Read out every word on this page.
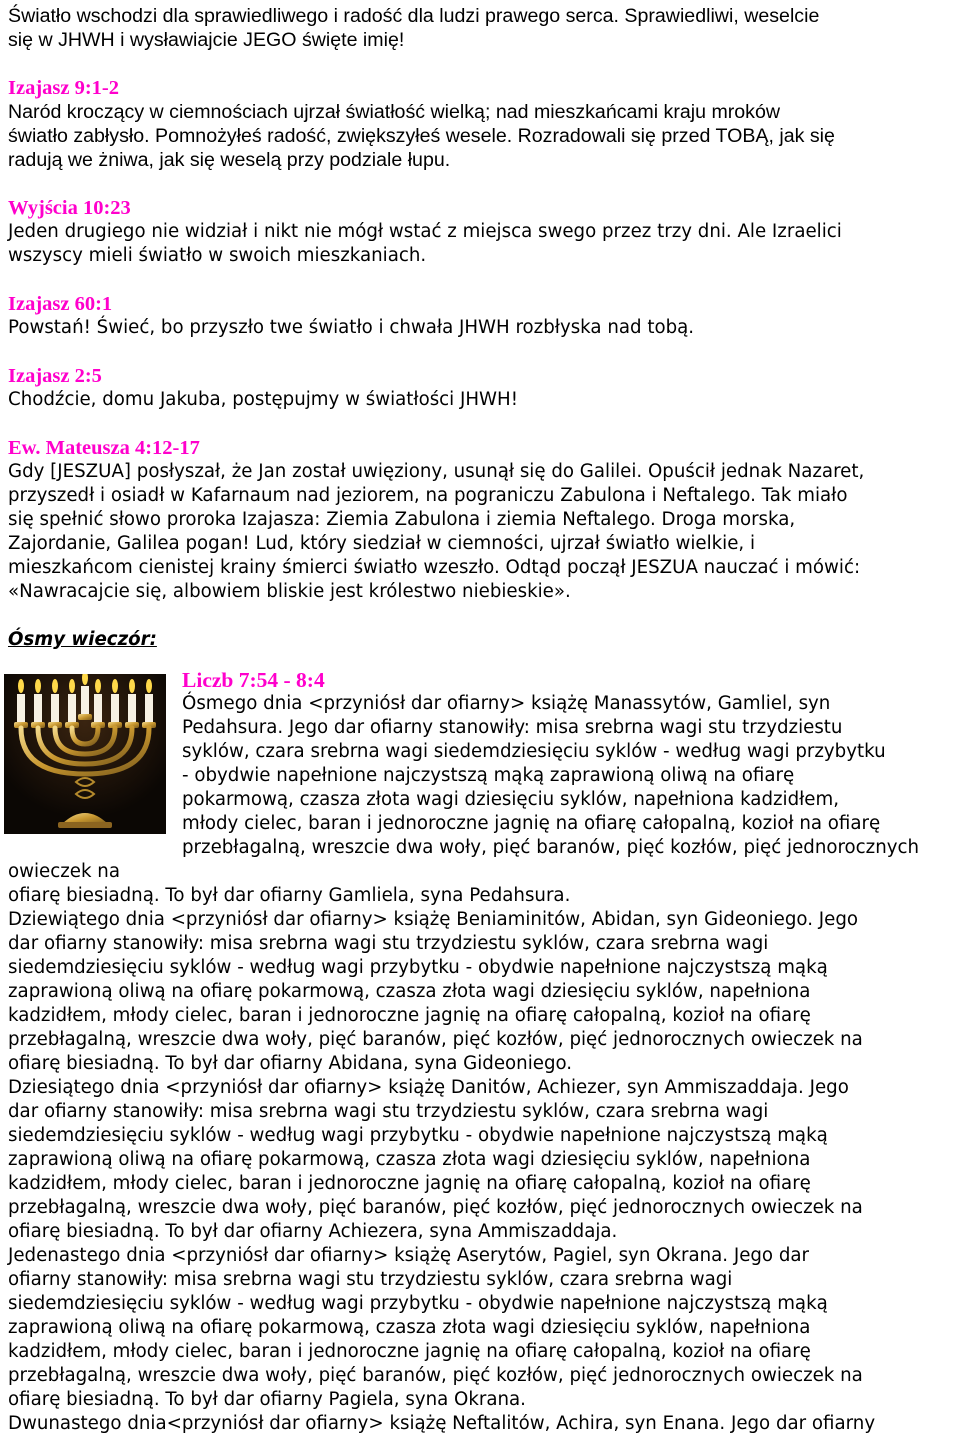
Światło wschodzi dla sprawiedliwego i radość dla ludzi prawego serca. Sprawiedliwi, weselcie

się w JHWH i wysławiajcie JEGO święte imię!

Izajasz 9:1-2

Naród kroczący w ciemnościach ujrzał światłość wielką; nad mieszkańcami kraju mroków

światło zabłysło. Pomnożyłeś radość, zwiększyłeś wesele. Rozradowali się przed TOBĄ, jak się

radują we żniwa, jak się weselą przy podziale łupu.

Wyjścia 10:23

Jeden drugiego nie widział i nikt nie mógł wstać z miejsca swego przez trzy dni. Ale Izraelici

wszyscy mieli światło w swoich mieszkaniach.

Izajasz 60:1

Powstań! Świeć, bo przyszło twe światło i chwała JHWH rozbłyska nad tobą.

Izajasz 2:5

Chodźcie, domu Jakuba, postępujmy w światłości JHWH!

Ew. Mateusza 4:12-17

Gdy [JESZUA] posłyszał, że Jan został uwięziony, usunął się do Galilei. Opuścił jednak Nazaret,

przyszedł i osiadł w Kafarnaum nad jeziorem, na pograniczu Zabulona i Neftalego. Tak miało

się spełnić słowo proroka Izajasza: Ziemia Zabulona i ziemia Neftalego. Droga morska,

Zajordanie, Galilea pogan! Lud, który siedział w ciemności, ujrzał światło wielkie, i

mieszkańcom cienistej krainy śmierci światło wzeszło. Odtąd począł JESZUA nauczać i mówić:

«Nawracajcie się, albowiem bliskie jest królestwo niebieskie».

Ósmy wieczór:

Liczb 7:54 - 8:4

Ósmego dnia <przyniósł dar ofiarny> książę Manassytów, Gamliel, syn

Pedahsura. Jego dar ofiarny stanowiły: misa srebrna wagi stu trzydziestu

syklów, czara srebrna wagi siedemdziesięciu syklów - według wagi przybytku

- obydwie napełnione najczystszą mąką zaprawioną oliwą na ofiarę

pokarmową, czasza złota wagi dziesięciu syklów, napełniona kadzidłem,

młody cielec, baran i jednoroczne jagnię na ofiarę całopalną, kozioł na ofiarę

przebłagalną, wreszcie dwa woły, pięć baranów, pięć kozłów, pięć jednorocznych owieczek na

ofiarę biesiadną. To był dar ofiarny Gamliela, syna Pedahsura.

Dziewiątego dnia <przyniósł dar ofiarny> książę Beniaminitów, Abidan, syn Gideoniego. Jego

dar ofiarny stanowiły: misa srebrna wagi stu trzydziestu syklów, czara srebrna wagi

siedemdziesięciu syklów - według wagi przybytku - obydwie napełnione najczystszą mąką

zaprawioną oliwą na ofiarę pokarmową, czasza złota wagi dziesięciu syklów, napełniona

kadzidłem, młody cielec, baran i jednoroczne jagnię na ofiarę całopalną, kozioł na ofiarę

przebłagalną, wreszcie dwa woły, pięć baranów, pięć kozłów, pięć jednorocznych owieczek na

ofiarę biesiadną. To był dar ofiarny Abidana, syna Gideoniego.

Dziesiątego dnia <przyniósł dar ofiarny> książę Danitów, Achiezer, syn Ammiszaddaja. Jego

dar ofiarny stanowiły: misa srebrna wagi stu trzydziestu syklów, czara srebrna wagi

siedemdziesięciu syklów - według wagi przybytku - obydwie napełnione najczystszą mąką

zaprawioną oliwą na ofiarę pokarmową, czasza złota wagi dziesięciu syklów, napełniona

kadzidłem, młody cielec, baran i jednoroczne jagnię na ofiarę całopalną, kozioł na ofiarę

przebłagalną, wreszcie dwa woły, pięć baranów, pięć kozłów, pięć jednorocznych owieczek na

ofiarę biesiadną. To był dar ofiarny Achiezera, syna Ammiszaddaja.

Jedenastego dnia <przyniósł dar ofiarny> książę Aserytów, Pagiel, syn Okrana. Jego dar

ofiarny stanowiły: misa srebrna wagi stu trzydziestu syklów, czara srebrna wagi

siedemdziesięciu syklów - według wagi przybytku - obydwie napełnione najczystszą mąką

zaprawioną oliwą na ofiarę pokarmową, czasza złota wagi dziesięciu syklów, napełniona

kadzidłem, młody cielec, baran i jednoroczne jagnię na ofiarę całopalną, kozioł na ofiarę

przebłagalną, wreszcie dwa woły, pięć baranów, pięć kozłów, pięć jednorocznych owieczek na

ofiarę biesiadną. To był dar ofiarny Pagiela, syna Okrana.

Dwunastego dnia<przyniósł dar ofiarny> książę Neftalitów, Achira, syn Enana. Jego dar ofiarny
